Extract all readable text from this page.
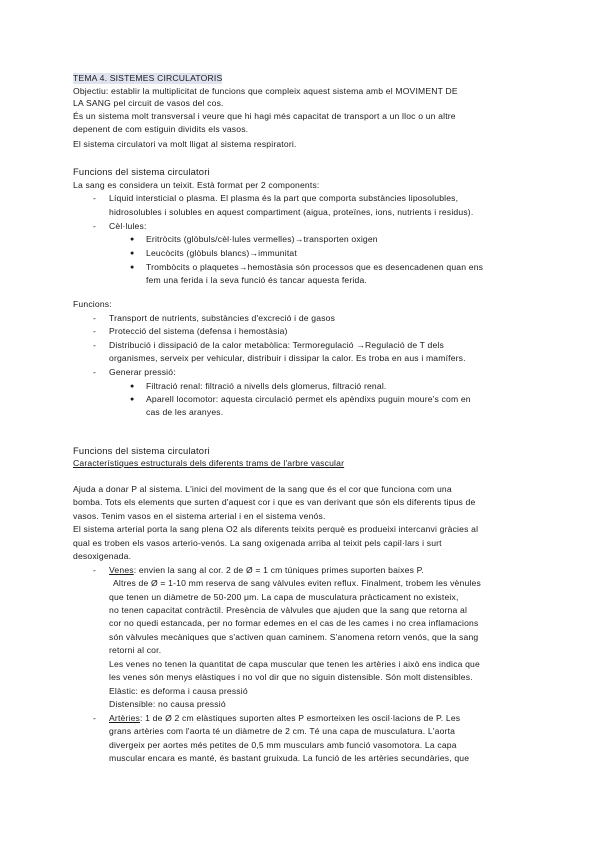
TEMA 4. SISTEMES CIRCULATORIS
Objectiu: establir la multiplicitat de funcions que compleix aquest sistema amb el MOVIMENT DE
LA SANG pel circuit de vasos del cos.
És un sistema molt transversal i veure que hi hagi més capacitat de transport a un lloc o un altre
depenent de com estiguin dividits els vasos.
El sistema circulatori va molt lligat al sistema respiratori.
Funcions del sistema circulatori
La sang es considera un teixit. Està format per 2 components:
-	Líquid intersticial o plasma. El plasma és la part que comporta substàncies liposolubles,
hidrosolubles i solubles en aquest compartiment (aigua, proteïnes, ions, nutrients i residus).
-	Cèl·lules:
● Eritròcits (glòbuls/cèl·lules vermelles)→transporten oxigen
● Leucòcits (glòbuls blancs)→immunitat
● Trombòcits o plaquetes→hemostàsia són processos que es desencadenen quan ens
fem una ferida i la seva funció és tancar aquesta ferida.
Funcions:
-	Transport de nutrients, substàncies d'excreció i de gasos
-	Protecció del sistema (defensa i hemostàsia)
-	Distribució i dissipació de la calor metabòlica: Termoregulació →Regulació de T dels
organismes, serveix per vehicular, distribuir i dissipar la calor. Es troba en aus i mamífers.
-	Generar pressió:
● Filtració renal: filtració a nivells dels glomerus, filtració renal.
● Aparell locomotor: aquesta circulació permet els apèndixs puguin moure's com en
cas de les aranyes.
Funcions del sistema circulatori
Característiques estructurals dels diferents trams de l'arbre vascular
Ajuda a donar P al sistema. L'inici del moviment de la sang que és el cor que funciona com una
bomba. Tots els elements que surten d'aquest cor i que es van derivant que són els diferents tipus de
vasos. Tenim vasos en el sistema arterial i en el sistema venós.
El sistema arterial porta la sang plena O2 als diferents teixits perquè es produeixi intercanvi gràcies al
qual es troben els vasos arterio-venós. La sang oxigenada arriba al teixit pels capil·lars i surt
desoxigenada.
-	Venes: envien la sang al cor. 2 de Ø = 1 cm túniques primes suporten baixes P.
Altres de Ø = 1-10 mm reserva de sang vàlvules eviten reflux. Finalment, trobem les vènules
que tenen un diàmetre de 50-200 μm. La capa de musculatura pràcticament no existeix,
no tenen capacitat contràctil. Presència de vàlvules que ajuden que la sang que retorna al
cor no quedi estancada, per no formar edemes en el cas de les cames i no crea inflamacions
són vàlvules mecàniques que s'activen quan caminem. S'anomena retorn venós, que la sang
retorni al cor.
Les venes no tenen la quantitat de capa muscular que tenen les artèries i això ens indica que
les venes són menys elàstiques i no vol dir que no siguin distensible. Són molt distensibles.
Elàstic: es deforma i causa pressió
Distensible: no causa pressió
-	Artèries: 1 de Ø 2 cm elàstiques suporten altes P esmorteixen les oscil·lacions de P. Les
grans artèries com l'aorta té un diàmetre de 2 cm. Té una capa de musculatura. L'aorta
divergeix per aortes més petites de 0,5 mm musculars amb funció vasomotora. La capa
muscular encara es manté, és bastant gruixuda. La funció de les artèries secundàries, que
